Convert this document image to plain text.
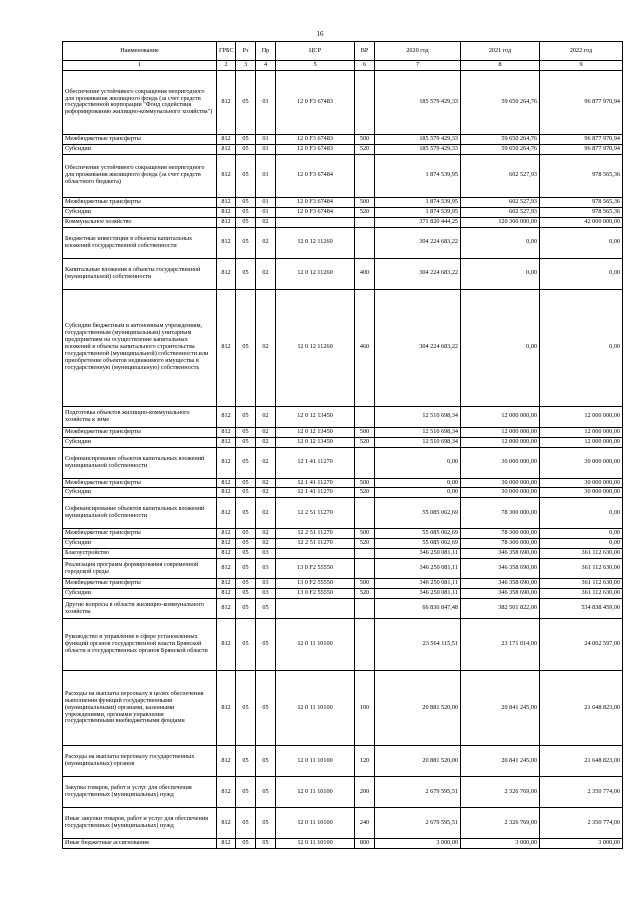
16
Наименование	ГРБС	Рз	Пр	ЦСР	ВР	2020 год	2021 год	2022 год
1	2	3	4	5	6	7	8	9
Обеспечение устойчивого сокращения непригодного для проживания жилищного фонда (за счет средств государственной корпорации "Фонд содействия реформированию жилищно-коммунального хозяйства")	812	05	01	12 0 F3 67483		185 579 429,33	59 650 264,76	96 877 970,94
Межбюджетные трансферты	812	05	01	12 0 F3 67483	500	185 579 429,33	59 650 264,76	96 877 970,94
Субсидии	812	05	01	12 0 F3 67483	520	185 579 429,33	59 650 264,76	96 877 970,94
Обеспечение устойчивого сокращения непригодного для проживания жилищного фонда (за счет средств областного бюджета)	812	05	01	12 0 F3 67484		1 874 539,95	602 527,93	978 565,36
Межбюджетные трансферты	812	05	01	12 0 F3 67484	500	1 874 539,95	602 527,93	978 565,36
Субсидии	812	05	01	12 0 F3 67484	520	1 874 539,95	602 527,93	978 565,36
Коммунальное хозяйство	812	05	02			371 820 444,25	120 300 000,00	42 000 000,00
Бюджетные инвестиции в объекты капитальных вложений государственной собственности	812	05	02	12 0 12 11260		304 224 683,22	0,00	0,00
Капитальные вложения в объекты государственной (муниципальной) собственности	812	05	02	12 0 12 11260	400	304 224 683,22	0,00	0,00
Субсидии бюджетным и автономным учреждениям, государственным (муниципальным) унитарным предприятиям на осуществление капитальных вложений в объекты капитального строительства государственной (муниципальной) собственности или приобретение объектов недвижимого имущества в государственную (муниципальную) собственность	812	05	02	12 0 12 11260	460	304 224 683,22	0,00	0,00
Подготовка объектов жилищно-коммунального хозяйства к зиме	812	05	02	12 0 12 13450		12 510 698,34	12 000 000,00	12 000 000,00
Межбюджетные трансферты	812	05	02	12 0 12 13450	500	12 510 698,34	12 000 000,00	12 000 000,00
Субсидии	812	05	02	12 0 12 13450	520	12 510 698,34	12 000 000,00	12 000 000,00
Софинансирование объектов капитальных вложений муниципальной собственности	812	05	02	12 1 41 11270		0,00	30 000 000,00	30 000 000,00
Межбюджетные трансферты	812	05	02	12 1 41 11270	500	0,00	30 000 000,00	30 000 000,00
Субсидии	812	05	02	12 1 41 11270	520	0,00	30 000 000,00	30 000 000,00
Софинансирование объектов капитальных вложений муниципальной собственности	812	05	02	12 2 51 11270		55 085 062,69	78 300 000,00	0,00
Межбюджетные трансферты	812	05	02	12 2 51 11270	500	55 085 062,69	78 300 000,00	0,00
Субсидии	812	05	02	12 2 51 11270	520	55 085 062,69	78 300 000,00	0,00
Благоустройство	812	05	03			346 250 081,11	346 358 690,00	361 112 630,00
Реализация программ формирования современной городской среды	812	05	03	13 0 F2 55550		346 250 081,11	346 358 690,00	361 112 630,00
Межбюджетные трансферты	812	05	03	13 0 F2 55550	500	346 250 081,11	346 358 690,00	361 112 630,00
Субсидии	812	05	03	13 0 F2 55550	520	346 250 081,11	346 358 690,00	361 112 630,00
Другие вопросы в области жилищно-коммунального хозяйства	812	05	05			66 836 847,48	382 501 822,00	534 838 459,00
Руководство и управление в сфере установленных функций органов государственной власти Брянской области и государственных органов Брянской области	812	05	05	12 0 11 10100		23 564 115,51	23 171 014,00	24 002 597,00
Расходы на выплаты персоналу в целях обеспечения выполнения функций государственными (муниципальными) органами, казенными учреждениями, органами управления государственными внебюджетными фондами	812	05	05	12 0 11 10100	100	20 881 520,00	20 841 245,00	21 648 823,00
Расходы на выплаты персоналу государственных (муниципальных) органов	812	05	05	12 0 11 10100	120	20 881 520,00	20 841 245,00	21 648 823,00
Закупка товаров, работ и услуг для обеспечения государственных (муниципальных) нужд	812	05	05	12 0 11 10100	200	2 679 595,51	2 326 769,00	2 350 774,00
Иные закупки товаров, работ и услуг для обеспечения государственных (муниципальных) нужд	812	05	05	12 0 11 10100	240	2 679 595,51	2 326 769,00	2 350 774,00
Иные бюджетные ассигнования	812	05	05	12 0 11 10100	800	3 000,00	3 000,00	3 000,00
